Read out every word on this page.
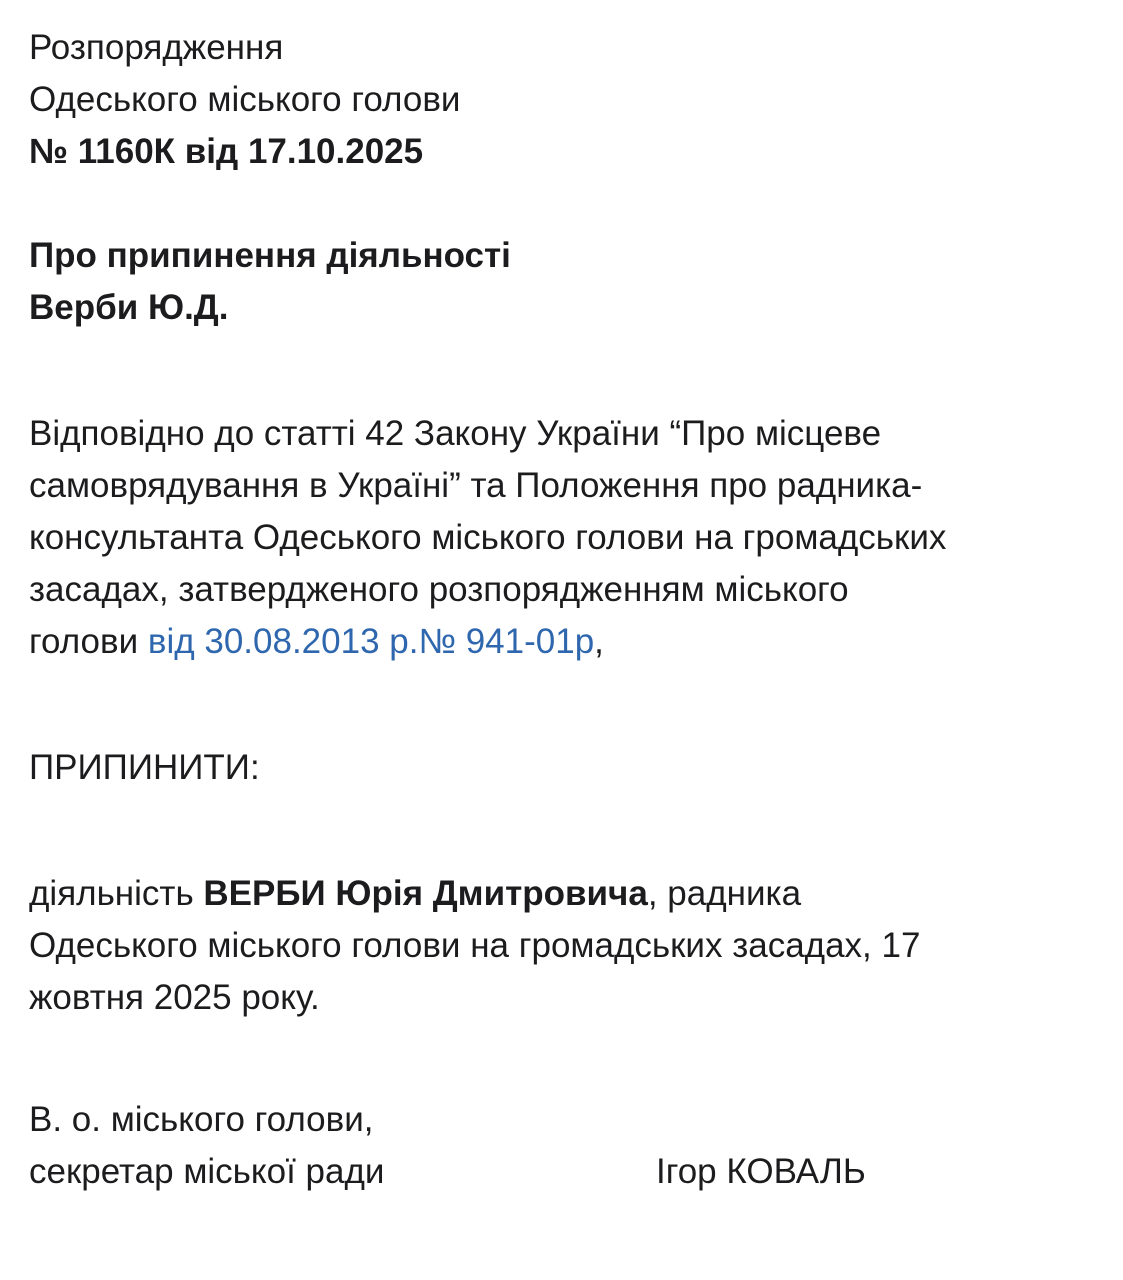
Розпорядження
Одеського міського голови
№ 1160К від 17.10.2025
Про припинення діяльності
Верби Ю.Д.
Відповідно до статті 42 Закону України “Про місцеве
самоврядування в Україні” та Положення про радника-
консультанта Одеського міського голови на громадських
засадах, затвердженого розпорядженням міського
голови від 30.08.2013 р.№ 941-01р,
ПРИПИНИТИ:
діяльність ВЕРБИ Юрія Дмитровича, радника
Одеського міського голови на громадських засадах, 17
жовтня 2025 року.
В. о. міського голови,
секретар міської ради	Ігор КОВАЛЬ
